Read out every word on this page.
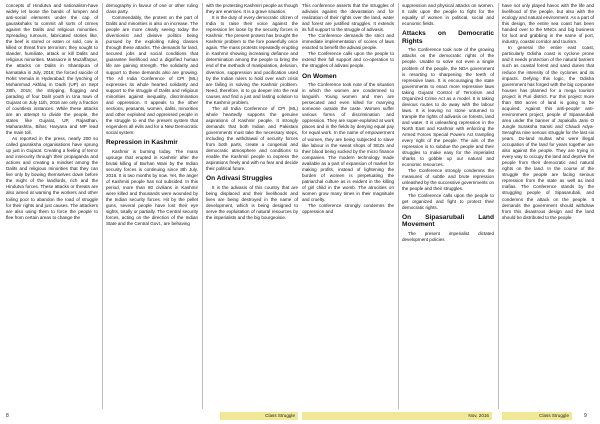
concepts of Hindutva and nationalism-have widely let loose the bands of lumpen and anti-social elements under the cap of gaurakshaks to commit all sorts of crimes against the Dalits and religious minorities. Spreading rumours, fabricated stories like, the beef is stored or eaten or sold, cow is killed or threat from terrorism; they sought to slander, humiliate, attack or kill Dalits and religious minorities. Massacre in Muzaffarpur, the attacks on Dalits in Shantipura of karnataka in July, 2016; the forced suicide of Rohit Vemula in Hyderabad; the lynching of Mohammad Akhlaq in Dadri (UP) on Sept 28th, 2015; the stripping, flogging and parading of four Dalit youth in Una town of Gujarat on July 11th, 2016 are only a fraction of countless instances. While these attacks are an attempt to divide the people, the states like Gujarat, UP, Rajasthan, Maharashtra, Bihar, Haryana and MP lead the main toll.

As reported in the press, nearly 200 so called gauraksha organisations have sprung up just in Gujarat. Creating a feeling of terror and insecurity through their propaganda and actions and creating a mindset among the Dalits and religious minorities that they can live only by bowing themselves down before the might of the landlords, rich and the Hindutva forces. These attacks or threats are also aimed at warning the workers and other toiling poor to abandon the road of struggle for their rights and just causes. The attackers are also using them to force the people to flee from certain areas to change the

demography in favour of one or other ruling class party.

Commendably, the protest on the part of Dalits and minorities is also on increase. The people are more clearly seeing today the diversionist and divisive politics being pursued by the exploiting ruling classes through these attacks. The demands for land, secured jobs and social conditions that guarantee livelihood and a dignified human life are gaining strength. The solidarity and support to these demands also are growing. The All India Conference of CPI (ML) expresses its whole hearted solidarity and support to the struggle of Dalits and religious minorities against inequality, discrimination and oppression. It appeals to the other sections, peasants, women, dalits, minorities and other exploited and oppressed people in the struggle to end the present system that engenders all evils and for a New Democratic social system.

Repression in Kashmir

Kashmir is burning today. The mass upsurge that erupted in Kashmir after the brutal killing of Burhan Wani by the Indian security forces is continuing since 8th July, 2016. It is two months by now. Yet, the anger of Kashmiri people has not subsided. In this period, more than 80 civilians in Kashmir were killed and thousands were wounded by the Indian security forces. Hit by the pellet guns, several people have lost their eye sights, totally or partially. The Central security forces, acting on the direction of the Indian State and the Central Govt., are behaving

with the protesting Kashmiri people as though they are enemies. It is a grave situation.

It is the duty of every democratic citizen of India to raise their voice against the repression let loose by the security forces in Kashmir. The present protest has brought the Kashmir problem to the fore powerfully once again. The mass protests repeatedly erupting in Kashmir showing increasing defiance and determination among the people to bring the end of the methods of manipulation, delusion, diversion, suppression and pacification used by the Indian rulers to hold over each crisis are failing in solving the Kashmir problem. Need, therefore, is to go deeper into the real causes and find a just and lasting solution to the Kashmir problem.

The all India Conference of CPI (ML) whole heartedly supports the genuine aspirations of Kashmir people. It strongly demands that both Indian and Pakistani governments must take the necessary steps, including the withdrawal of security forces from both parts, create a congenial and democratic atmosphere and conditions to enable the Kashmiri people to express the aspirations freely and with no fear and decide their political future.

On Adivasi Struggles

It is the adivasis of this country that are being displaced and their livelihoods and lives are being destroyed in the name of development, which is being designed to serve the exploitation of natural resources by the imperialists and the big bourgeoisie.

Class Struggle
8

This conference asserts that the struggles of adivasis against the devastation and for realization of their rights over the land, water and forest are justified struggles. It extends its full support to the struggle of adivasis.

The Conference demands the strict and immediate implementation of scores of laws enacted to benefit the adivasi people.

The Conference calls upon the people to extend their full support and co-operation to the struggles of adivasi people.

On Women

The Conference took note of the situation in which the women are condemned to languish. Young women and men are persecuted and even killed for marrying someone outside the caste. Women suffer various forms of discrimination and oppression. They are super-exploited at work places and in the fields by denying equal pay for equal work. In the name of empowerment of women, they are being subjected to slave like labour in the sweat shops of SEZs and their blood being sucked by the micro finance companies. The modern technology made available as a part of expansion of market for making profits, instead of lightening the burden of women is perpetuating the patriarchal culture as is evident in the killing of girl child in the womb. The atrocities on women grow many times in their magnitude and cruelty.

The conference strongly condemns the oppression and

suppression and physical attacks on women. It calls upon the people to fight for the equality of women in political, social and economic fields.

Attacks on Democratic Rights

The Conference took note of the growing attacks on the democratic rights of the people. Unable to solve not even a single problem of the people, the NDA government is resorting to sharpening the teeth of repressive laws. It is encouraging the state governments to enact more repressive laws taking Gujarat Control of Terrorism and Organized Crime Act as a model. It is taking devious routes to do away with the labour laws. It is leaving no stone unturned to trample the rights of adivasis on forests, land and water. It is unleashing repression in the North East and Kashmir with enforcing the Armed Forces Special Powers Act trampling every right of the people. The aim of the repression is to subdue the people and their struggles to make easy for the imperialist sharks to gobble up our natural and economic resources.

The Conference strongly condemns the measures of subtle and brute repression unleashed by the successive governments on the people and their struggles.

The Conference calls upon the people to get organized and fight to protect their democratic rights.

On Sipasarubali Land Movement

The present imperialist dictated development policies

have not only played havoc with the life and livelihood of the people, but also with the ecology and natural environment. As a part of this design, the entire sea coast has been handed over to the MNCs and big business for loot and grabbing in the name of port, industry, coastal corridor and tourism.

In general the entire east coast, particularly Odisha coast is cyclone prone and it needs protection of the natural barriers such as coastal forest and sand dunes that reduce the intensity of the cyclones and its impacts. Defying this logic, the Odisha government has forged with the big corporate houses has planned for a mega tourism project in Puri district. For this project more than 550 acres of land is going to be acquired. Against this anti-people' anti-environment project, people of Sipasarubali area under the banner of Jopakulla Jami O Jungle Suraksha Samiti and Chaudi Adya-Seraghra nine serious struggle for the last six years. Do-land multas who were illegal occupation of the land for years together are also against the people. They are trying in every way to occupy the land and deprive the people from their democratic and natural rights on the land. In the course of the struggle the people are facing serious repression from the state as well as land mafias. The Conference stands by the struggling people of Sipasarubali, and condemns the attack on the people. It demands the government should withdraw from this disastrous design and the land should be distributed to the people

Nov, 2016	Class Struggle	9
